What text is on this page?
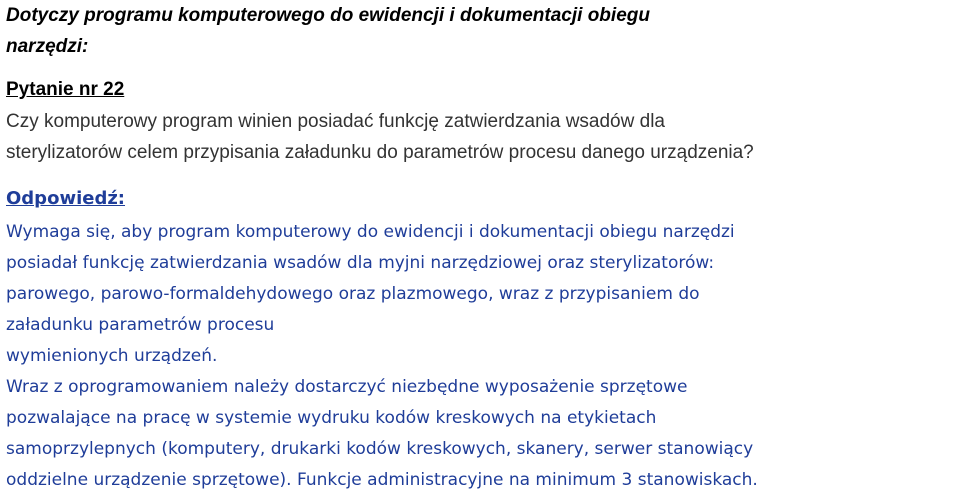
Dotyczy programu komputerowego do ewidencji i dokumentacji obiegu
narzędzi:
Pytanie nr 22
Czy komputerowy program winien posiadać funkcję zatwierdzania wsadów dla
sterylizatorów celem przypisania załadunku do parametrów procesu danego urządzenia?
Odpowiedź:
Wymaga się, aby program komputerowy do ewidencji i dokumentacji obiegu narzędzi
posiadał funkcję zatwierdzania wsadów dla myjni narzędziowej oraz sterylizatorów:
parowego, parowo-formaldehydowego oraz plazmowego, wraz z przypisaniem do
załadunku parametrów procesu
wymienionych urządzeń.
Wraz z oprogramowaniem należy dostarczyć niezbędne wyposażenie sprzętowe
pozwalające na pracę w systemie wydruku kodów kreskowych na etykietach
samoprzylepnych (komputery, drukarki kodów kreskowych, skanery, serwer stanowiący
oddzielne urządzenie sprzętowe). Funkcje administracyjne na minimum 3 stanowiskach.
